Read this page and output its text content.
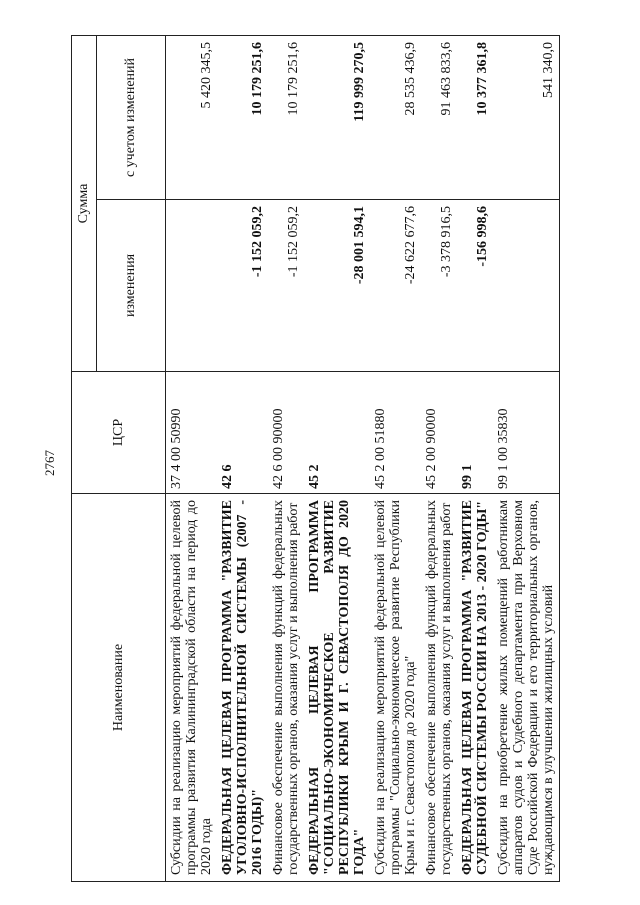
2767
Наименование	ЦСР	Сумма	
		изменения	с учетом изменений
Субсидии на реализацию мероприятий федеральной целевой программы развития Калининградской области на период до 2020 года	37 4 00 50990		5 420 345,5
ФЕДЕРАЛЬНАЯ ЦЕЛЕВАЯ ПРОГРАММА "РАЗВИТИЕ УГОЛОВНО-ИСПОЛНИТЕЛЬНОЙ СИСТЕМЫ (2007 - 2016 ГОДЫ)"	42 6	-1 152 059,2	10 179 251,6
Финансовое обеспечение выполнения функций федеральных государственных органов, оказания услуг и выполнения работ	42 6 00 90000	-1 152 059,2	10 179 251,6
ФЕДЕРАЛЬНАЯ ЦЕЛЕВАЯ ПРОГРАММА "СОЦИАЛЬНО-ЭКОНОМИЧЕСКОЕ РАЗВИТИЕ РЕСПУБЛИКИ КРЫМ И Г. СЕВАСТОПОЛЯ ДО 2020 ГОДА"	45 2	-28 001 594,1	119 999 270,5
Субсидии на реализацию мероприятий федеральной целевой программы "Социально-экономическое развитие Республики Крым и г. Севастополя до 2020 года"	45 2 00 51880	-24 622 677,6	28 535 436,9
Финансовое обеспечение выполнения функций федеральных государственных органов, оказания услуг и выполнения работ	45 2 00 90000	-3 378 916,5	91 463 833,6
ФЕДЕРАЛЬНАЯ ЦЕЛЕВАЯ ПРОГРАММА "РАЗВИТИЕ СУДЕБНОЙ СИСТЕМЫ РОССИИ НА 2013 - 2020 ГОДЫ"	99 1	-156 998,6	10 377 361,8
Субсидии на приобретение жилых помещений работникам аппаратов судов и Судебного департамента при Верховном Суде Российской Федерации и его территориальных органов, нуждающимся в улучшении жилищных условий	99 1 00 35830		541 340,0
